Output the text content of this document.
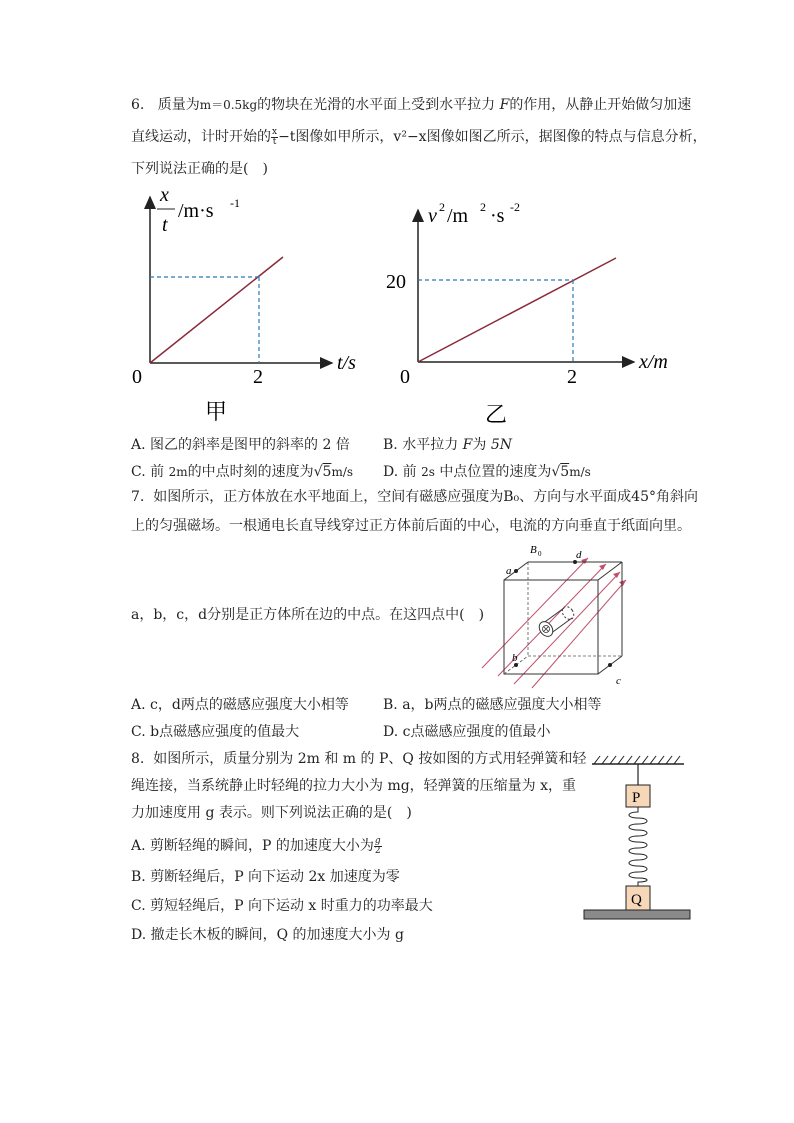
6. 质量为m＝0.5kg的物块在光滑的水平面上受到水平拉力 F的作用，从静止开始做匀加速
直线运动，计时开始的 $\frac{x}{t} -t$图像如甲所示，v²−x图像如图乙所示，据图像的特点与信息分析，
下列说法正确的是(　)
x
t
/m·s -1
0	2
t/s
甲
v 2 /m 2 ·s -2
20
0	2
x/m
乙
A. 图乙的斜率是图甲的斜率的 2 倍 B. 水平拉力 F为 5N
C. 前 2m的中点时刻的速度为√5m/s D. 前 2s 中点位置的速度为√5m/s
7. 如图所示，正方体放在水平地面上，空间有磁感应强度为B₀、方向与水平面成45°角斜向
上的匀强磁场。一根通电长直导线穿过正方体前后面的中心，电流的方向垂直于纸面向里。
a，b，c，d分别是正方体所在边的中点。在这四点中(　)
a
d
b
c
B 0
A. c，d两点的磁感应强度大小相等 B. a，b两点的磁感应强度大小相等
C. b点磁感应强度的值最大	D. c点磁感应强度的值最小
8. 如图所示，质量分别为 2m 和 m 的 P、Q 按如图的方式用轻弹簧和轻
绳连接，当系统静止时轻绳的拉力大小为 mg，轻弹簧的压缩量为 x，重
力加速度用 g 表示。则下列说法正确的是(　)
A. 剪断轻绳的瞬间，P 的加速度大小为 $\frac{g}{2}$
B. 剪断轻绳后，P 向下运动 2x 加速度为零
C. 剪短轻绳后，P 向下运动 x 时重力的功率最大
D. 撤走长木板的瞬间，Q 的加速度大小为 g
P
Q
